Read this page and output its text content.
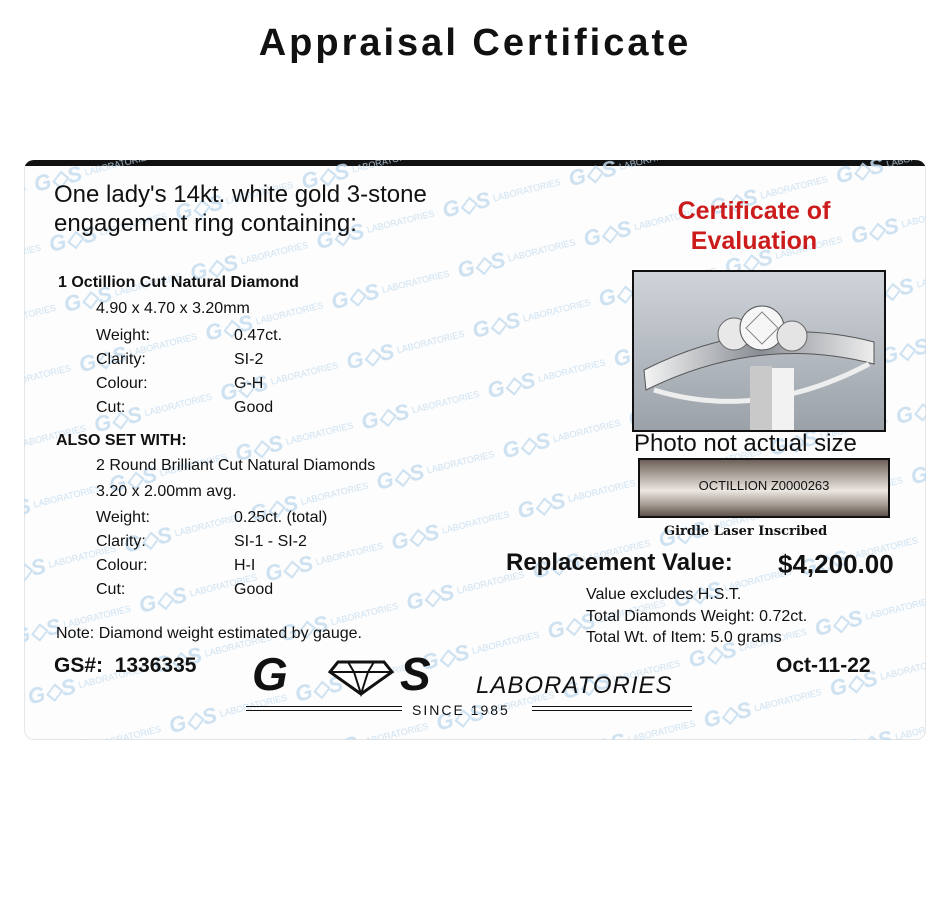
Appraisal Certificate
One lady's 14kt. white gold 3-stone engagement ring containing:
1 Octillion Cut Natural Diamond
4.90 x 4.70 x 3.20mm
Weight:	0.47ct.
Clarity:	SI-2
Colour:	G-H
Cut:	Good
ALSO SET WITH:
2 Round Brilliant Cut Natural Diamonds
3.20 x 2.00mm avg.
Weight:	0.25ct. (total)
Clarity:	SI-1 - SI-2
Colour:	H-I
Cut:	Good
Note: Diamond weight estimated by gauge.
GS#: 1336335
Certificate of Evaluation
Photo not actual size
OCTILLION Z0000263
Girdle Laser Inscribed
Replacement Value: $4,200.00
Value excludes H.S.T.
Total Diamonds Weight: 0.72ct.
Total Wt. of Item: 5.0 grams
Oct-11-22
G S LABORATORIES
SINCE 1985
